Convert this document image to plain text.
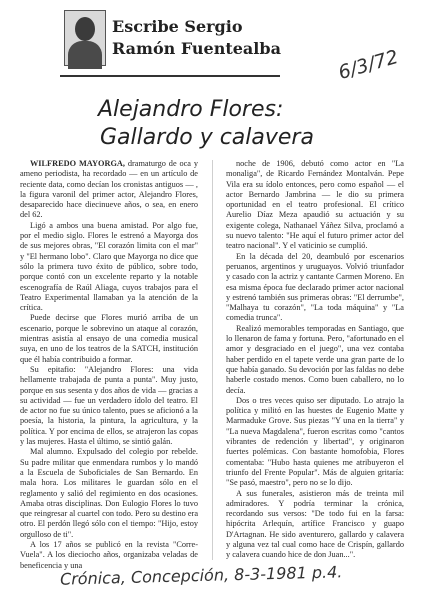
Escribe Sergio
Ramón Fuentealba	6/3/72
Alejandro Flores:
Gallardo y calavera

WILFREDO MAYORGA, dramaturgo de oca y ameno periodista, ha recordado — en un artículo de reciente data, como decían los cronistas antiguos — , la figura varonil del primer actor, Alejandro Flores, desaparecido hace diecinueve años, o sea, en enero del 62.

Ligó a ambos una buena amistad. Por algo fue, por el medio siglo. Flores le estrenó a Mayorga dos de sus mejores obras, "El corazón limita con el mar" y "El hermano lobo". Claro que Mayorga no dice que sólo la primera tuvo éxito de público, sobre todo, porque contó con un excelente reparto y la notable escenografía de Raúl Aliaga, cuyos trabajos para el Teatro Experimental llamaban ya la atención de la crítica.

Puede decirse que Flores murió arriba de un escenario, porque le sobrevino un ataque al corazón, mientras asistía al ensayo de una comedia musical suya, en uno de los teatros de la SATCH, institución que él había contribuido a formar.

Su epitafio: "Alejandro Flores: una vida hellamente trabajada de punta a punta". Muy justo, porque en sus sesenta y dos años de vida — gracias a su actividad — fue un verdadero ídolo del teatro. El de actor no fue su único talento, pues se aficionó a la poesía, la historia, la pintura, la agricultura, y la política. Y por encima de ellos, se atrajeron las copas y las mujeres. Hasta el último, se sintió galán.

Mal alumno. Expulsado del colegio por rebelde. Su padre militar que enmendara rumbos y lo mandó a la Escuela de Suboficiales de San Bernardo. En mala hora. Los militares le guardan sólo en el reglamento y salió del regimiento en dos ocasiones. Amaba otras disciplinas. Don Eulogio Flores lo tuvo que reingresar al cuartel con todo. Pero su destino era otro. El perdón llegó sólo con el tiempo: "Hijo, estoy orgulloso de ti".

A los 17 años se publicó en la revista "Corre-Vuela". A los dieciocho años, organizaba veladas de beneficencia y una

noche de 1906, debutó como actor en "La monaliga", de Ricardo Fernández Montalván. Pepe Vila era su ídolo entonces, pero como español — el actor Bernardo Jambrina — le dio su primera oportunidad en el teatro profesional. El crítico Aurelio Díaz Meza apaudió su actuación y su exigente colega, Nathanael Yáñez Silva, proclamó a su nuevo talento: "He aquí el futuro primer actor del teatro nacional". Y el vaticinio se cumplió.

En la década del 20, deambuló por escenarios peruanos, argentinos y uruguayos. Volvió triunfador y casado con la actriz y cantante Carmen Moreno. En esa misma época fue declarado primer actor nacional y estrenó también sus primeras obras: "El derrumbe", "Malhaya tu corazón", "La toda máquina" y "La comedia trunca".

Realizó memorables temporadas en Santiago, que lo llenaron de fama y fortuna. Pero, "afortunado en el amor y desgraciado en el juego", una vez contaba haber perdido en el tapete verde una gran parte de lo que había ganado. Su devoción por las faldas no debe haberle costado menos. Como buen caballero, no lo decía.

Dos o tres veces quiso ser diputado. Lo atrajo la política y militó en las huestes de Eugenio Matte y Marmaduke Grove. Sus piezas "Y una en la tierra" y "La nueva Magdalena", fueron escritas como "cantos vibrantes de redención y libertad", y originaron fuertes polémicas. Con bastante homofobia, Flores comentaba: "Hubo hasta quienes me atribuyeron el triunfo del Frente Popular". Más de alguien gritaría: "Se pasó, maestro", pero no se lo dijo.

A sus funerales, asistieron más de treinta mil admiradores. Y podría terminar la crónica, recordando sus versos: "De todo fui en la farsa: hipócrita Arlequín, artífice Francisco y guapo D'Artagnan. He sido aventurero, gallardo y calavera y alguna vez tal cual como hace de Crispín, gallardo y calavera cuando hice de don Juan...".

Crónica, Concepción, 8-3-1981 p.4.
